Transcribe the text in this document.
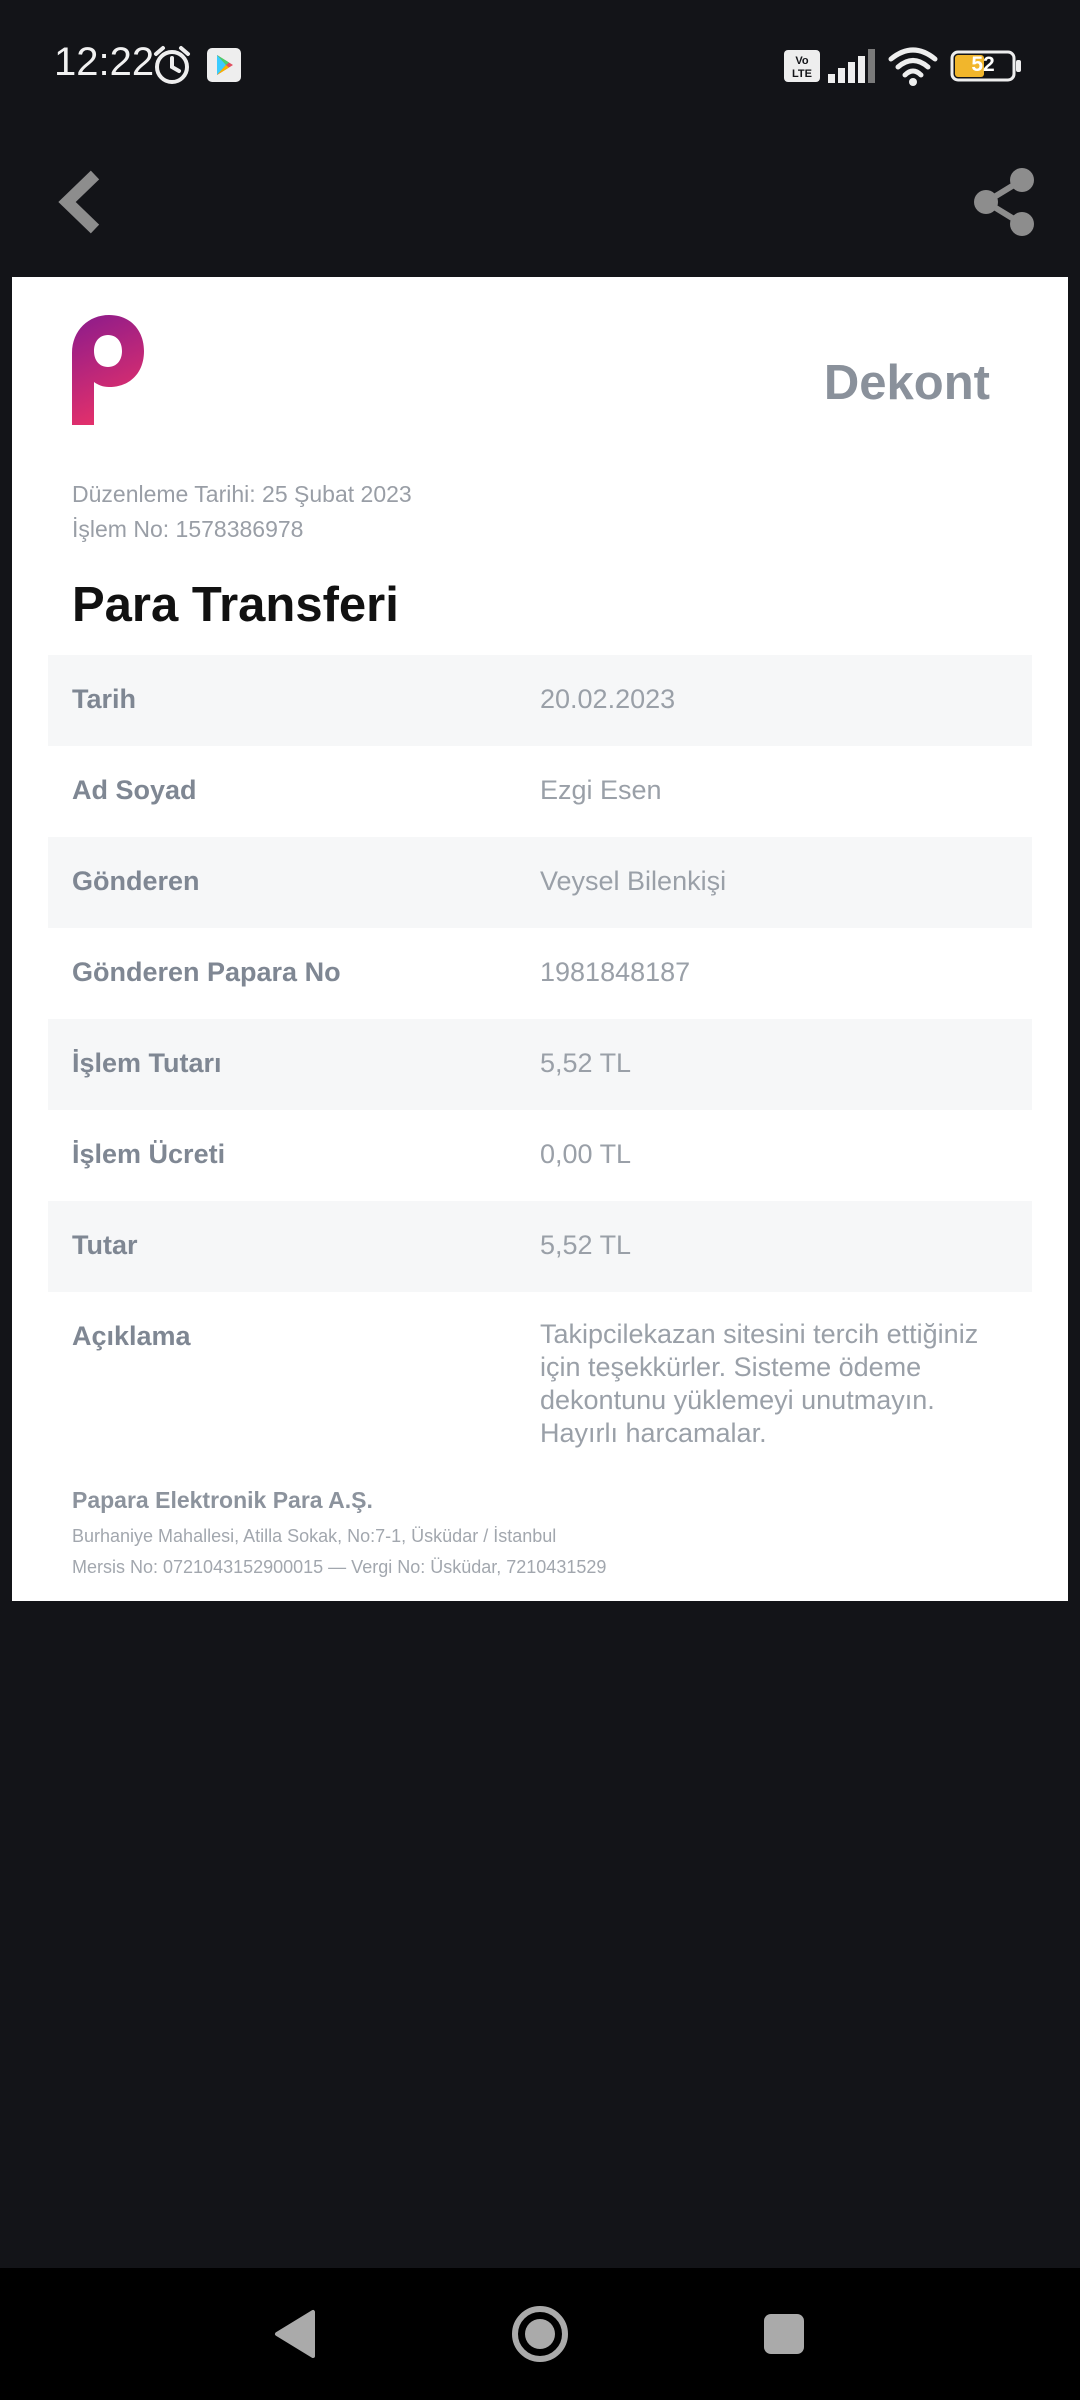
12:22	Vo
LTE	52
Dekont
Düzenleme Tarihi: 25 Şubat 2023
İşlem No: 1578386978
Para Transferi
Tarih	20.02.2023
Ad Soyad	Ezgi Esen
Gönderen	Veysel Bilenkişi
Gönderen Papara No	1981848187
İşlem Tutarı	5,52 TL
İşlem Ücreti	0,00 TL
Tutar	5,52 TL
Açıklama	Takipcilekazan sitesini tercih ettiğiniz için teşekkürler. Sisteme ödeme dekontunu yüklemeyi unutmayın. Hayırlı harcamalar.
Papara Elektronik Para A.Ş.
Burhaniye Mahallesi, Atilla Sokak, No:7-1, Üsküdar / İstanbul
Mersis No: 0721043152900015 — Vergi No: Üsküdar, 7210431529
